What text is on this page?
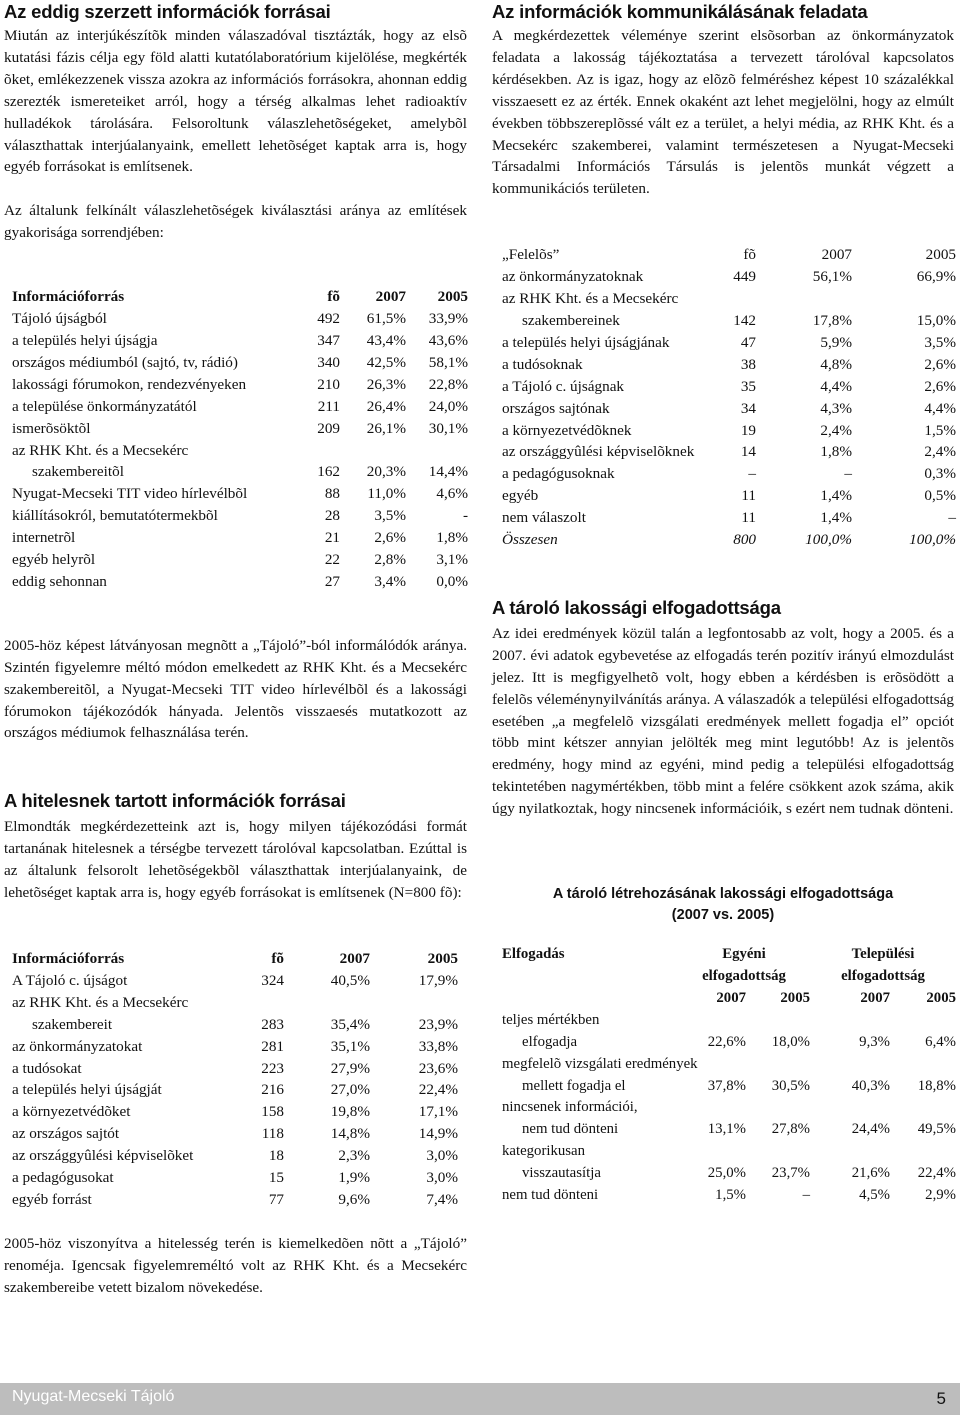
Az eddig szerzett információk forrásai

Miután az interjúkészítõk minden válaszadóval tisztázták, hogy az elsõ kutatási fázis célja egy föld alatti kutatólaboratórium kijelölése, megkérték õket, emlékezzenek vissza azokra az információs forrásokra, ahonnan eddig szerezték ismereteiket arról, hogy a térség alkalmas lehet radioaktív hulladékok tárolására. Felsoroltunk válaszlehetõségeket, amelybõl választhattak interjúalanyaink, emellett lehetõséget kaptak arra is, hogy egyéb forrásokat is említsenek.

Az általunk felkínált válaszlehetõségek kiválasztási aránya az említések gyakorisága sorrendjében:

Információforrás	fõ	2007	2005
Tájoló újságból	492	61,5%	33,9%
a település helyi újságja	347	43,4%	43,6%
országos médiumból (sajtó, tv, rádió)	340	42,5%	58,1%
lakossági fórumokon, rendezvényeken	210	26,3%	22,8%
a települése önkormányzatától	211	26,4%	24,0%
ismerõsöktõl	209	26,1%	30,1%
az RHK Kht. és a Mecsekérc			
szakembereitõl	162	20,3%	14,4%
Nyugat-Mecseki TIT video hírlevélbõl	88	11,0%	4,6%
kiállításokról, bemutatótermekbõl	28	3,5%	-
internetrõl	21	2,6%	1,8%
egyéb helyrõl	22	2,8%	3,1%
eddig sehonnan	27	3,4%	0,0%

2005-höz képest látványosan megnõtt a „Tájoló”-ból informálódók aránya. Szintén figyelemre méltó módon emelkedett az RHK Kht. és a Mecsekérc szakembereitõl, a Nyugat-Mecseki TIT video hírlevélbõl és a lakossági fórumokon tájékozódók hányada. Jelentõs visszaesés mutatkozott az országos médiumok felhasználása terén.

A hitelesnek tartott információk forrásai

Elmondták megkérdezetteink azt is, hogy milyen tájékozódási formát tartanának hitelesnek a térségbe tervezett tárolóval kapcsolatban. Ezúttal is az általunk felsorolt lehetõségekbõl választhattak interjúalanyaink, de lehetõséget kaptak arra is, hogy egyéb forrásokat is említsenek (N=800 fõ):

Információforrás	fõ	2007	2005
A Tájoló c. újságot	324	40,5%	17,9%
az RHK Kht. és a Mecsekérc			
szakembereit	283	35,4%	23,9%
az önkormányzatokat	281	35,1%	33,8%
a tudósokat	223	27,9%	23,6%
a település helyi újságját	216	27,0%	22,4%
a környezetvédõket	158	19,8%	17,1%
az országos sajtót	118	14,8%	14,9%
az országgyûlési képviselõket	18	2,3%	3,0%
a pedagógusokat	15	1,9%	3,0%
egyéb forrást	77	9,6%	7,4%

2005-höz viszonyítva a hitelesség terén is kiemelkedõen nõtt a „Tájoló” renoméja. Igencsak figyelemreméltó volt az RHK Kht. és a Mecsekérc szakembereibe vetett bizalom növekedése.

Az információk kommunikálásának feladata

A megkérdezettek véleménye szerint elsõsorban az önkormányzatok feladata a lakosság tájékoztatása a tervezett tárolóval kapcsolatos kérdésekben. Az is igaz, hogy az elõzõ felméréshez képest 10 százalékkal visszaesett ez az érték. Ennek okaként azt lehet megjelölni, hogy az elmúlt években többszereplõssé vált ez a terület, a helyi média, az RHK Kht. és a Mecsekérc szakemberei, valamint természetesen a Nyugat-Mecseki Társadalmi Információs Társulás is jelentõs munkát végzett a kommunikációs területen.

„Felelõs”	fõ	2007	2005
az önkormányzatoknak	449	56,1%	66,9%
az RHK Kht. és a Mecsekérc			
szakembereinek	142	17,8%	15,0%
a település helyi újságjának	47	5,9%	3,5%
a tudósoknak	38	4,8%	2,6%
a Tájoló c. újságnak	35	4,4%	2,6%
országos sajtónak	34	4,3%	4,4%
a környezetvédõknek	19	2,4%	1,5%
az országgyûlési képviselõknek	14	1,8%	2,4%
a pedagógusoknak	–	–	0,3%
egyéb	11	1,4%	0,5%
nem válaszolt	11	1,4%	–
Összesen	800	100,0%	100,0%
A tároló lakossági elfogadottsága

Az idei eredmények közül talán a legfontosabb az volt, hogy a 2005. és a 2007. évi adatok egybevetése az elfogadás terén pozitív irányú elmozdulást jelez. Itt is megfigyelhetõ volt, hogy ebben a kérdésben is erõsödött a felelõs véleménynyilvánítás aránya. A válaszadók a települési elfogadottság esetében „a megfelelõ vizsgálati eredmények mellett fogadja el” opciót több mint kétszer annyian jelölték meg mint legutóbb! Az is jelentõs eredmény, hogy mind az egyéni, mind pedig a települési elfogadottság tekintetében nagymértékben, több mint a felére csökkent azok száma, akik úgy nyilatkoztak, hogy nincsenek információik, s ezért nem tudnak dönteni.

A tároló létrehozásának lakossági elfogadottsága
(2007 vs. 2005)
Elfogadás	Egyéni		Települési	
	elfogadottság		elfogadottság	
	2007	2005	2007	2005
teljes mértékben				
elfogadja	22,6%	18,0%	9,3%	6,4%
megfelelõ vizsgálati eredmények				
mellett fogadja el	37,8%	30,5%	40,3%	18,8%
nincsenek információi,				
nem tud dönteni	13,1%	27,8%	24,4%	49,5%
kategorikusan				
visszautasítja	25,0%	23,7%	21,6%	22,4%
nem tud dönteni	1,5%	–	4,5%	2,9%
Nyugat-Mecseki Tájoló	5
